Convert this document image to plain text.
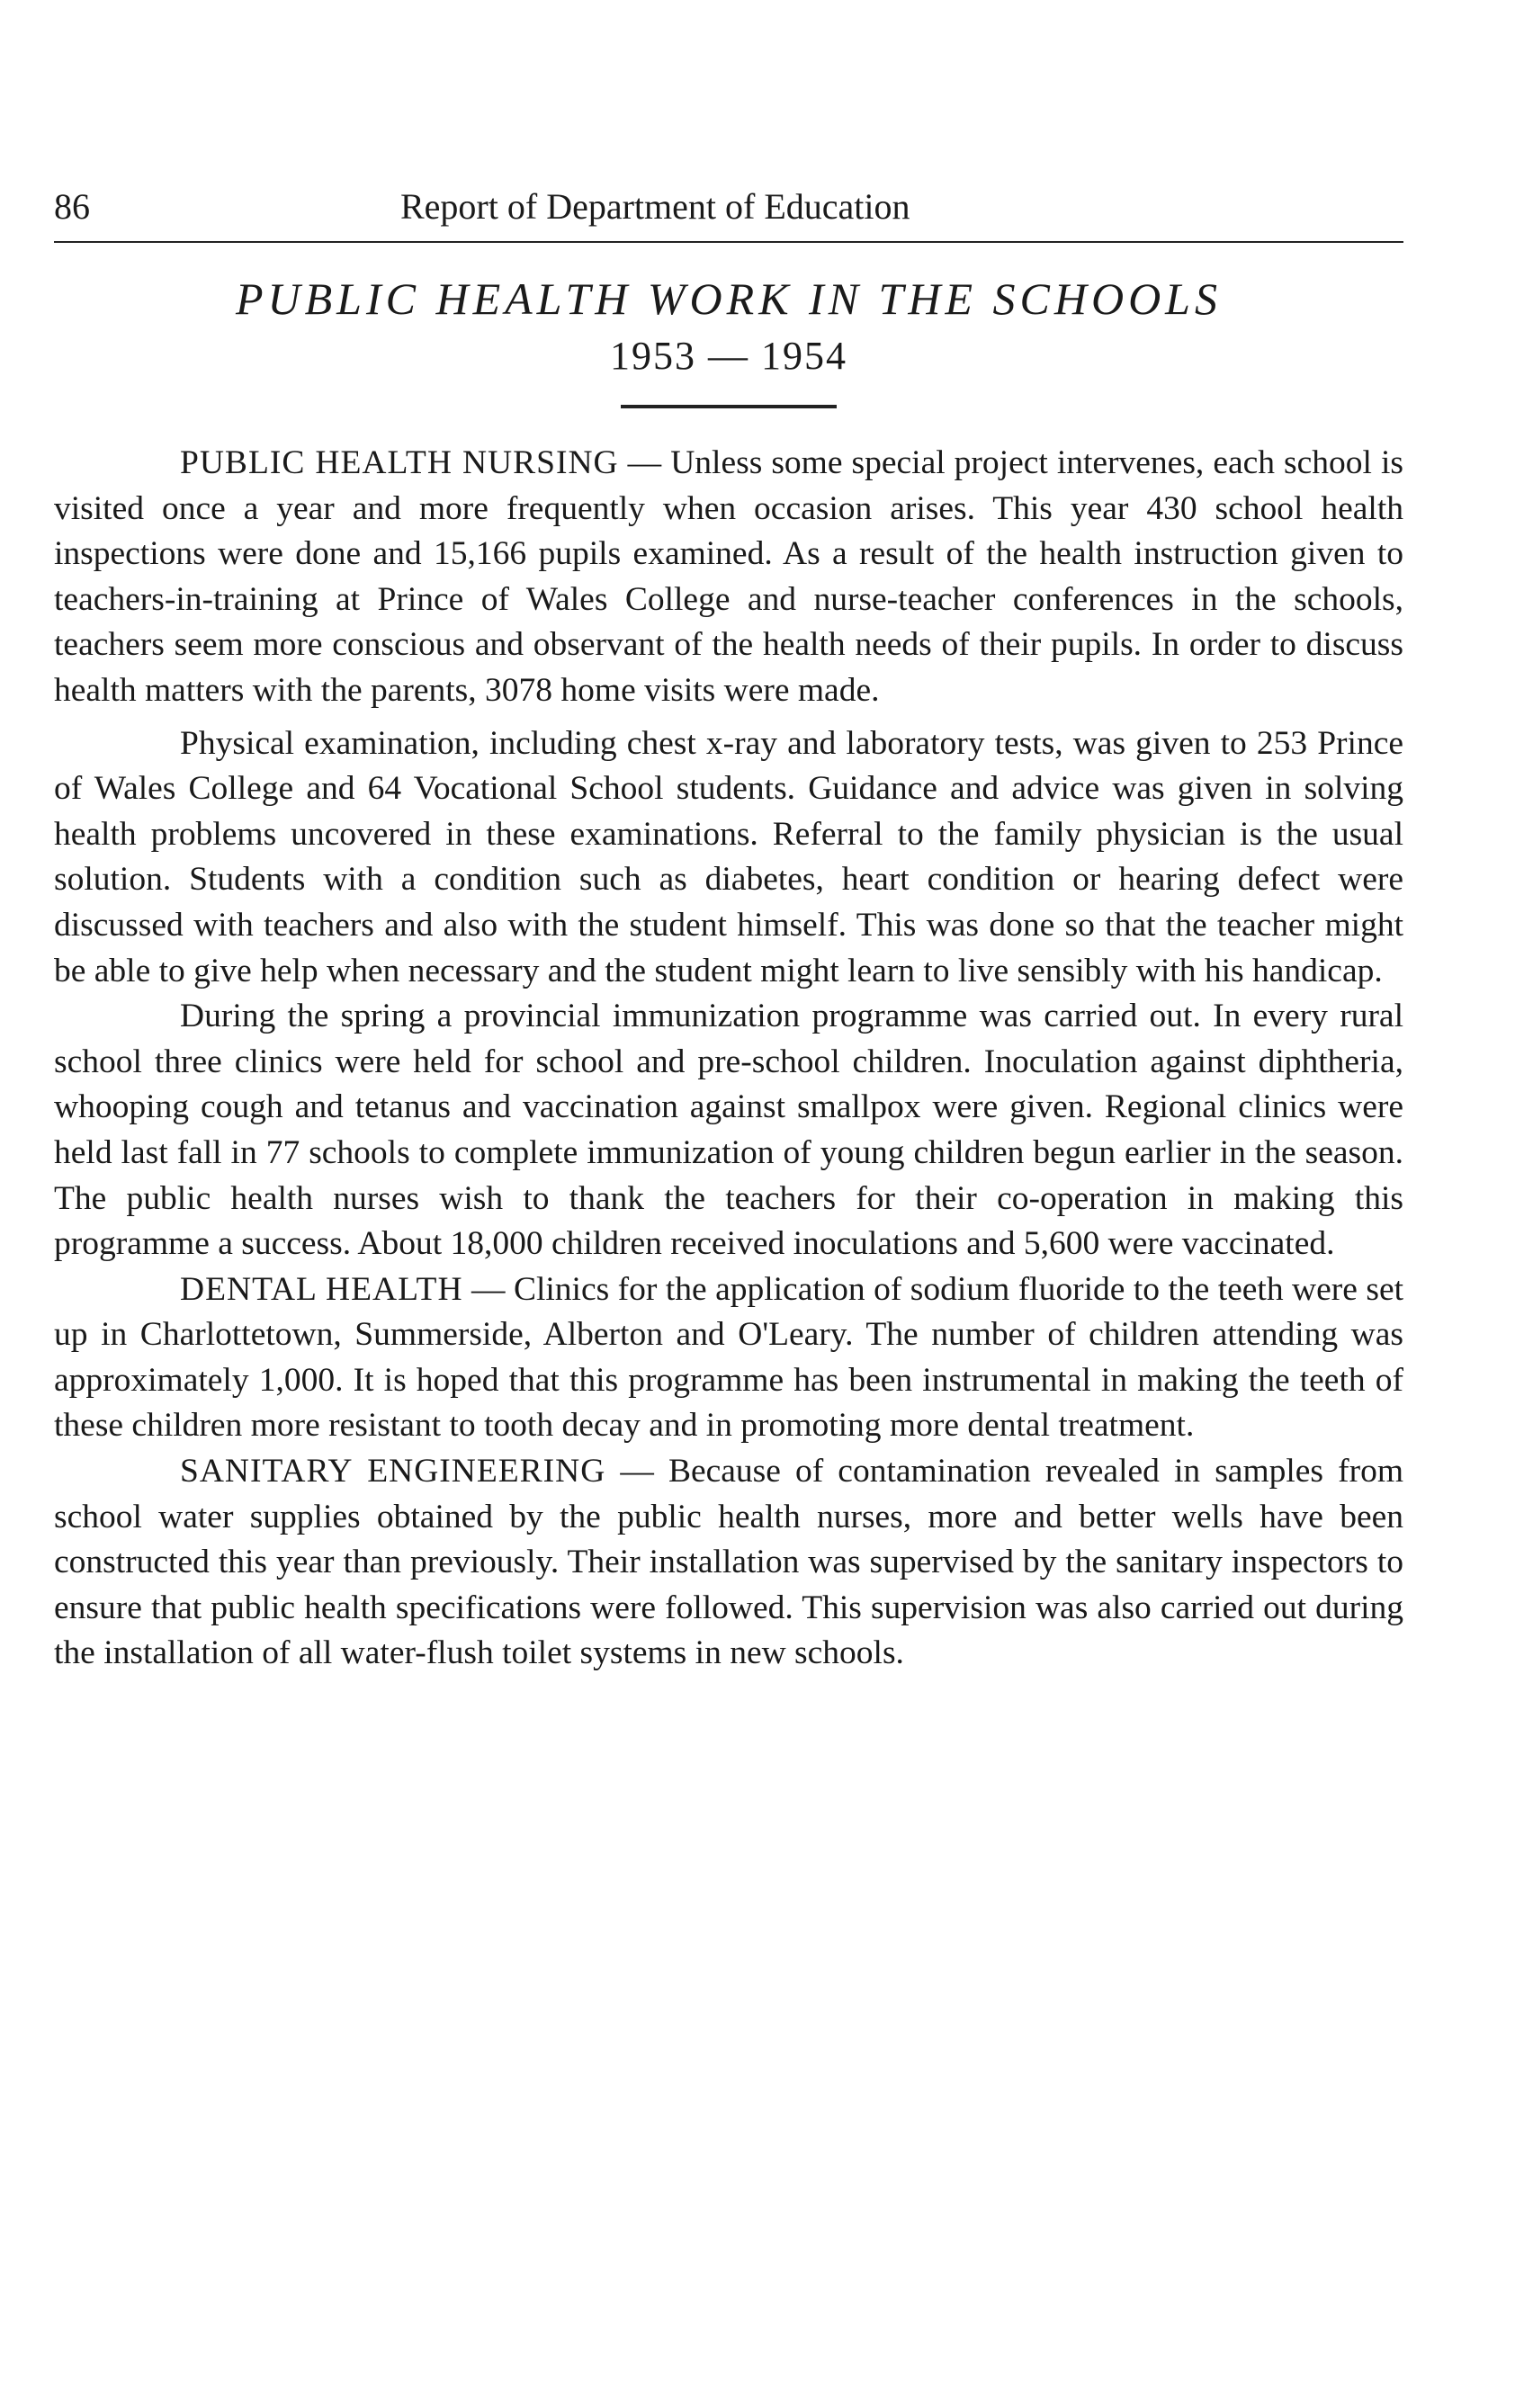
86	Report of Department of Education
PUBLIC HEALTH WORK IN THE SCHOOLS

1953 — 1954

PUBLIC HEALTH NURSING — Unless some special project intervenes, each school is visited once a year and more frequently when occasion arises. This year 430 school health inspections were done and 15,166 pupils examined. As a result of the health instruction given to teachers-in-training at Prince of Wales College and nurse-teacher conferences in the schools, teachers seem more conscious and observant of the health needs of their pupils. In order to discuss health matters with the parents, 3078 home visits were made.

Physical examination, including chest x-ray and laboratory tests, was given to 253 Prince of Wales College and 64 Vocational School students. Guidance and advice was given in solving health problems uncovered in these examinations. Referral to the family physician is the usual solution. Students with a condition such as diabetes, heart condition or hearing defect were discussed with teachers and also with the student himself. This was done so that the teacher might be able to give help when necessary and the student might learn to live sensibly with his handicap.

During the spring a provincial immunization programme was carried out. In every rural school three clinics were held for school and pre-school children. Inoculation against diphtheria, whooping cough and tetanus and vaccination against smallpox were given. Regional clinics were held last fall in 77 schools to complete immunization of young children begun earlier in the season. The public health nurses wish to thank the teachers for their co-operation in making this programme a success. About 18,000 children received inoculations and 5,600 were vaccinated.

DENTAL HEALTH — Clinics for the application of sodium fluoride to the teeth were set up in Charlottetown, Summerside, Alberton and O'Leary. The number of children attending was approximately 1,000. It is hoped that this programme has been instrumental in making the teeth of these children more resistant to tooth decay and in promoting more dental treatment.

SANITARY ENGINEERING — Because of contamination revealed in samples from school water supplies obtained by the public health nurses, more and better wells have been constructed this year than previously. Their installation was supervised by the sanitary inspectors to ensure that public health specifications were followed. This supervision was also carried out during the installation of all water-flush toilet systems in new schools.
